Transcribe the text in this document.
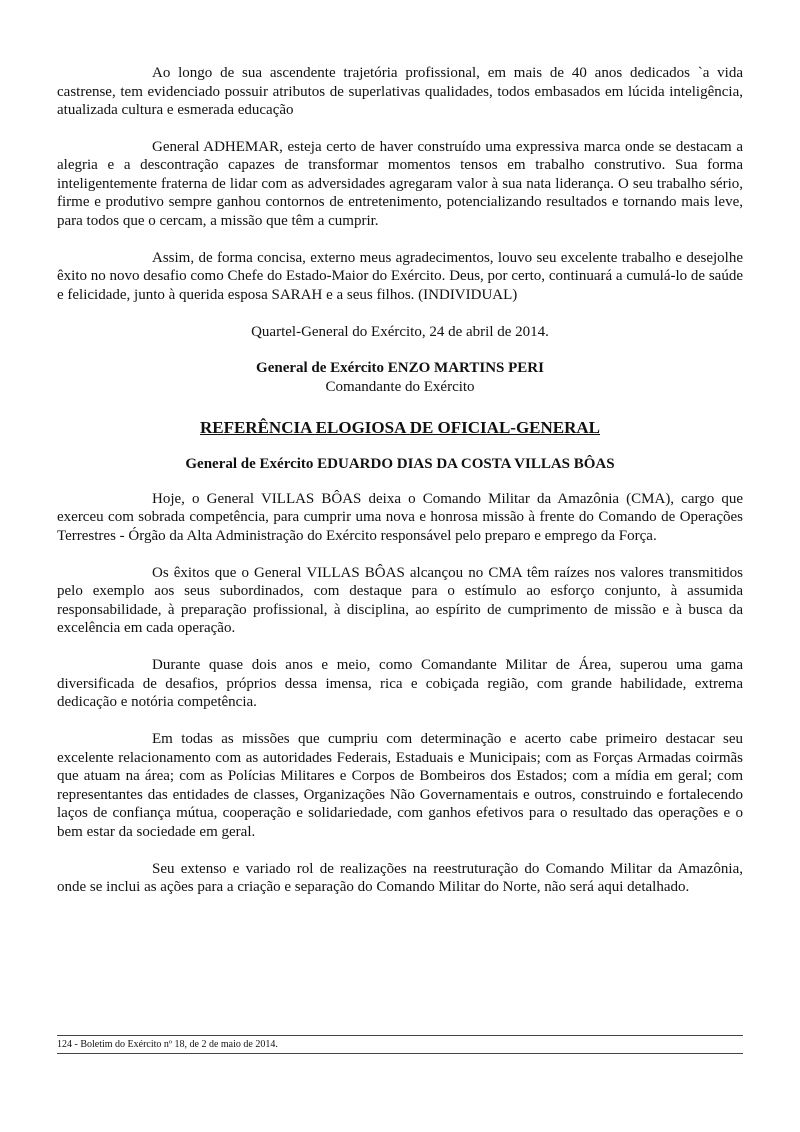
Ao longo de sua ascendente trajetória profissional, em mais de 40 anos dedicados `a vida castrense, tem evidenciado possuir atributos de superlativas qualidades, todos embasados em lúcida inteligência, atualizada cultura e esmerada educação

General ADHEMAR, esteja certo de haver construído uma expressiva marca onde se destacam a alegria e a descontração capazes de transformar momentos tensos em trabalho construtivo. Sua forma inteligentemente fraterna de lidar com as adversidades agregaram valor à sua nata liderança. O seu trabalho sério, firme e produtivo sempre ganhou contornos de entretenimento, potencializando resultados e tornando mais leve, para todos que o cercam, a missão que têm a cumprir.

Assim, de forma concisa, externo meus agradecimentos, louvo seu excelente trabalho e desejolhe êxito no novo desafio como Chefe do Estado-Maior do Exército. Deus, por certo, continuará a cumulá-lo de saúde e felicidade, junto à querida esposa SARAH e a seus filhos. (INDIVIDUAL)

Quartel-General do Exército, 24 de abril de 2014.

General de Exército ENZO MARTINS PERI

Comandante do Exército

REFERÊNCIA ELOGIOSA DE OFICIAL-GENERAL

General de Exército EDUARDO DIAS DA COSTA VILLAS BÔAS

Hoje, o General VILLAS BÔAS deixa o Comando Militar da Amazônia (CMA), cargo que exerceu com sobrada competência, para cumprir uma nova e honrosa missão à frente do Comando de Operações Terrestres - Órgão da Alta Administração do Exército responsável pelo preparo e emprego da Força.

Os êxitos que o General VILLAS BÔAS alcançou no CMA têm raízes nos valores transmitidos pelo exemplo aos seus subordinados, com destaque para o estímulo ao esforço conjunto, à assumida responsabilidade, à preparação profissional, à disciplina, ao espírito de cumprimento de missão e à busca da excelência em cada operação.

Durante quase dois anos e meio, como Comandante Militar de Área, superou uma gama diversificada de desafios, próprios dessa imensa, rica e cobiçada região, com grande habilidade, extrema dedicação e notória competência.

Em todas as missões que cumpriu com determinação e acerto cabe primeiro destacar seu excelente relacionamento com as autoridades Federais, Estaduais e Municipais; com as Forças Armadas coirmãs que atuam na área; com as Polícias Militares e Corpos de Bombeiros dos Estados; com a mídia em geral; com representantes das entidades de classes, Organizações Não Governamentais e outros, construindo e fortalecendo laços de confiança mútua, cooperação e solidariedade, com ganhos efetivos para o resultado das operações e o bem estar da sociedade em geral.

Seu extenso e variado rol de realizações na reestruturação do Comando Militar da Amazônia, onde se inclui as ações para a criação e separação do Comando Militar do Norte, não será aqui detalhado.

124 - Boletim do Exército nº 18, de 2 de maio de 2014.
